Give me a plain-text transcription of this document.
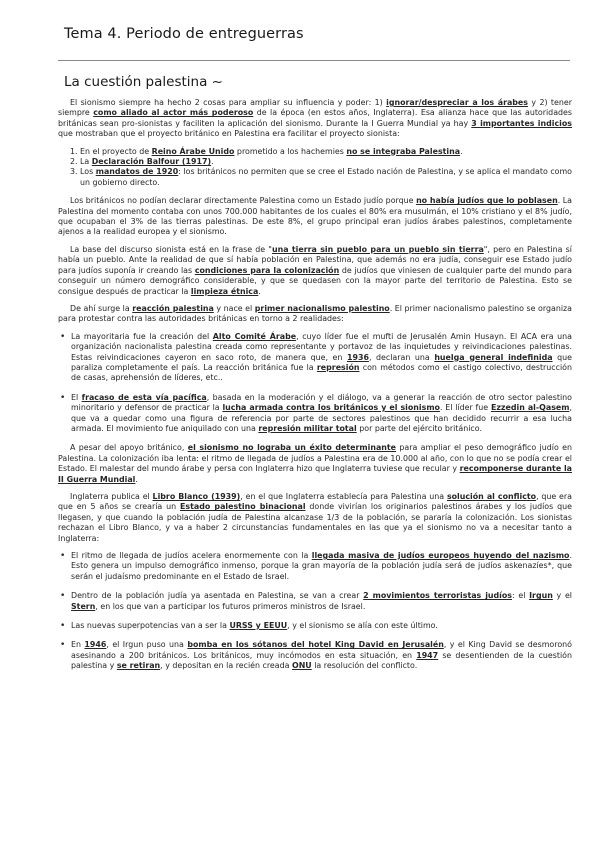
Tema 4. Periodo de entreguerras
La cuestión palestina ~

El sionismo siempre ha hecho 2 cosas para ampliar su influencia y poder: 1) ignorar/despreciar a los árabes y 2) tener siempre como aliado al actor más poderoso de la época (en estos años, Inglaterra). Esa alianza hace que las autoridades británicas sean pro-sionistas y faciliten la aplicación del sionismo. Durante la I Guerra Mundial ya hay 3 importantes indicios que mostraban que el proyecto británico en Palestina era facilitar el proyecto sionista:

1. En el proyecto de Reino Árabe Unido prometido a los hachemies no se integraba Palestina.
2. La Declaración Balfour (1917).
3. Los mandatos de 1920: los británicos no permiten que se cree el Estado nación de Palestina, y se aplica el mandato como un gobierno directo.

Los británicos no podían declarar directamente Palestina como un Estado judío porque no había judíos que lo poblasen. La Palestina del momento contaba con unos 700.000 habitantes de los cuales el 80% era musulmán, el 10% cristiano y el 8% judío, que ocupaban el 3% de las tierras palestinas. De este 8%, el grupo principal eran judíos árabes palestinos, completamente ajenos a la realidad europea y el sionismo.

La base del discurso sionista está en la frase de "una tierra sin pueblo para un pueblo sin tierra", pero en Palestina sí había un pueblo. Ante la realidad de que sí había población en Palestina, que además no era judía, conseguir ese Estado judío para judíos suponía ir creando las condiciones para la colonización de judíos que viniesen de cualquier parte del mundo para conseguir un número demográfico considerable, y que se quedasen con la mayor parte del territorio de Palestina. Esto se consigue después de practicar la limpieza étnica.

De ahí surge la reacción palestina y nace el primer nacionalismo palestino. El primer nacionalismo palestino se organiza para protestar contra las autoridades británicas en torno a 2 realidades:

• La mayoritaria fue la creación del Alto Comité Árabe, cuyo líder fue el mufti de Jerusalén Amin Husayn. El ACA era una organización nacionalista palestina creada como representante y portavoz de las inquietudes y reivindicaciones palestinas. Estas reivindicaciones cayeron en saco roto, de manera que, en 1936, declaran una huelga general indefinida que paraliza completamente el país. La reacción británica fue la represión con métodos como el castigo colectivo, destrucción de casas, aprehensión de líderes, etc..
• El fracaso de esta vía pacífica, basada en la moderación y el diálogo, va a generar la reacción de otro sector palestino minoritario y defensor de practicar la lucha armada contra los británicos y el sionismo. El líder fue Ezzedin al-Qasem, que va a quedar como una figura de referencia por parte de sectores palestinos que han decidido recurrir a esa lucha armada. El movimiento fue aniquilado con una represión militar total por parte del ejército británico.

A pesar del apoyo británico, el sionismo no lograba un éxito determinante para ampliar el peso demográfico judío en Palestina. La colonización iba lenta: el ritmo de llegada de judíos a Palestina era de 10.000 al año, con lo que no se podía crear el Estado. El malestar del mundo árabe y persa con Inglaterra hizo que Inglaterra tuviese que recular y recomponerse durante la II Guerra Mundial.

Inglaterra publica el Libro Blanco (1939), en el que Inglaterra establecía para Palestina una solución al conflicto, que era que en 5 años se crearía un Estado palestino binacional donde vivirían los originarios palestinos árabes y los judíos que llegasen, y que cuando la población judía de Palestina alcanzase 1/3 de la población, se pararía la colonización. Los sionistas rechazan el Libro Blanco, y va a haber 2 circunstancias fundamentales en las que ya el sionismo no va a necesitar tanto a Inglaterra:

• El ritmo de llegada de judíos acelera enormemente con la llegada masiva de judíos europeos huyendo del nazismo. Esto genera un impulso demográfico inmenso, porque la gran mayoría de la población judía será de judíos askenazíes*, que serán el judaísmo predominante en el Estado de Israel.
• Dentro de la población judía ya asentada en Palestina, se van a crear 2 movimientos terroristas judíos: el Irgun y el Stern, en los que van a participar los futuros primeros ministros de Israel.
• Las nuevas superpotencias van a ser la URSS y EEUU, y el sionismo se alía con este último.
• En 1946, el Irgun puso una bomba en los sótanos del hotel King David en Jerusalén, y el King David se desmoronó asesinando a 200 británicos. Los británicos, muy incómodos en esta situación, en 1947 se desentienden de la cuestión palestina y se retiran, y depositan en la recién creada ONU la resolución del conflicto.
